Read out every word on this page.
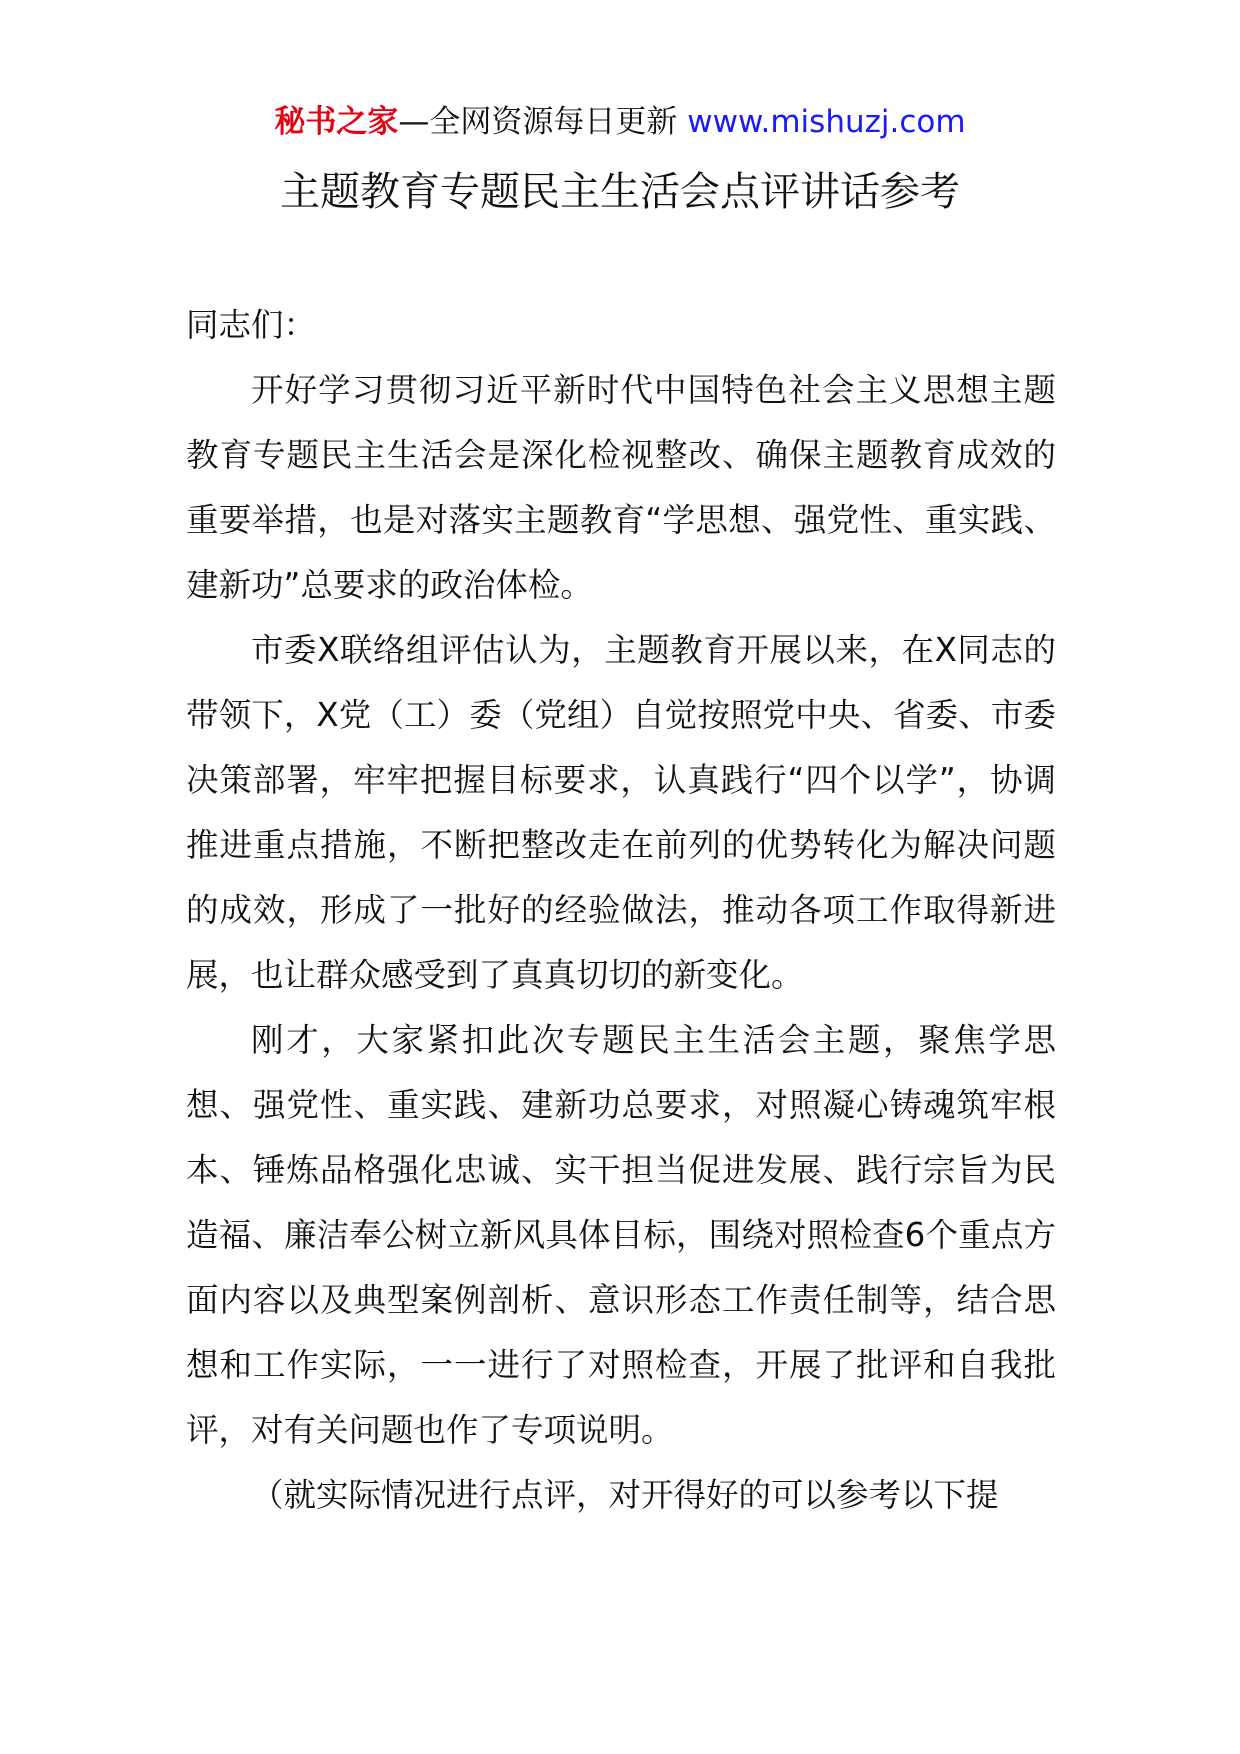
秘书之家—全网资源每日更新 www.mishuzj.com
主题教育专题民主生活会点评讲话参考

同志们：

开好学习贯彻习近平新时代中国特色社会主义思想主题教育专题民主生活会是深化检视整改、确保主题教育成效的重要举措，也是对落实主题教育“学思想、强党性、重实践、建新功”总要求的政治体检。

市委X联络组评估认为，主题教育开展以来，在X同志的带领下，X党（工）委（党组）自觉按照党中央、省委、市委决策部署，牢牢把握目标要求，认真践行“四个以学”，协调推进重点措施，不断把整改走在前列的优势转化为解决问题的成效，形成了一批好的经验做法，推动各项工作取得新进展，也让群众感受到了真真切切的新变化。

刚才，大家紧扣此次专题民主生活会主题，聚焦学思想、强党性、重实践、建新功总要求，对照凝心铸魂筑牢根本、锤炼品格强化忠诚、实干担当促进发展、践行宗旨为民造福、廉洁奉公树立新风具体目标，围绕对照检查6个重点方面内容以及典型案例剖析、意识形态工作责任制等，结合思想和工作实际，一一进行了对照检查，开展了批评和自我批评，对有关问题也作了专项说明。

（就实际情况进行点评，对开得好的可以参考以下提
